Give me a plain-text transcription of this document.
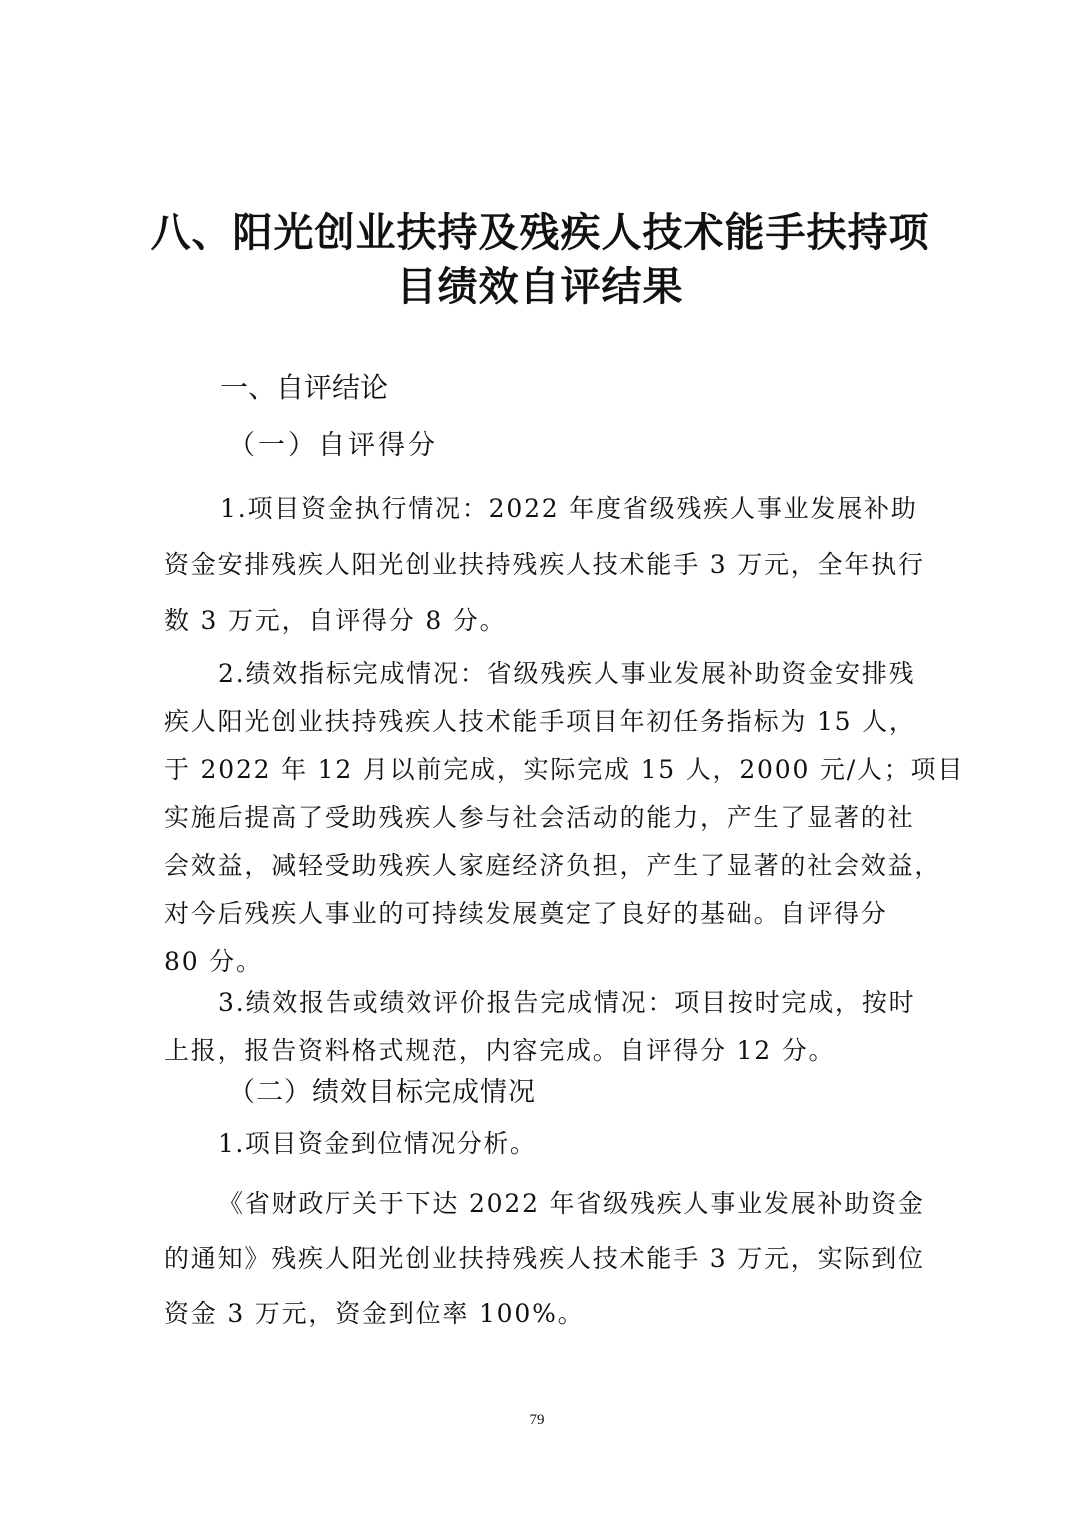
八、阳光创业扶持及残疾人技术能手扶持项
目绩效自评结果
一、自评结论
（一）自评得分
1.项目资金执行情况：2022 年度省级残疾人事业发展补助
资金安排残疾人阳光创业扶持残疾人技术能手 3 万元，全年执行
数 3 万元，自评得分 8 分。
2.绩效指标完成情况：省级残疾人事业发展补助资金安排残
疾人阳光创业扶持残疾人技术能手项目年初任务指标为 15 人，
于 2022 年 12 月以前完成，实际完成 15 人，2000 元/人；项目
实施后提高了受助残疾人参与社会活动的能力，产生了显著的社
会效益，减轻受助残疾人家庭经济负担，产生了显著的社会效益，
对今后残疾人事业的可持续发展奠定了良好的基础。自评得分
80 分。
3.绩效报告或绩效评价报告完成情况：项目按时完成，按时
上报，报告资料格式规范，内容完成。自评得分 12 分。
（二）绩效目标完成情况
1.项目资金到位情况分析。
《省财政厅关于下达 2022 年省级残疾人事业发展补助资金
的通知》残疾人阳光创业扶持残疾人技术能手 3 万元，实际到位
资金 3 万元，资金到位率 100%。
79
